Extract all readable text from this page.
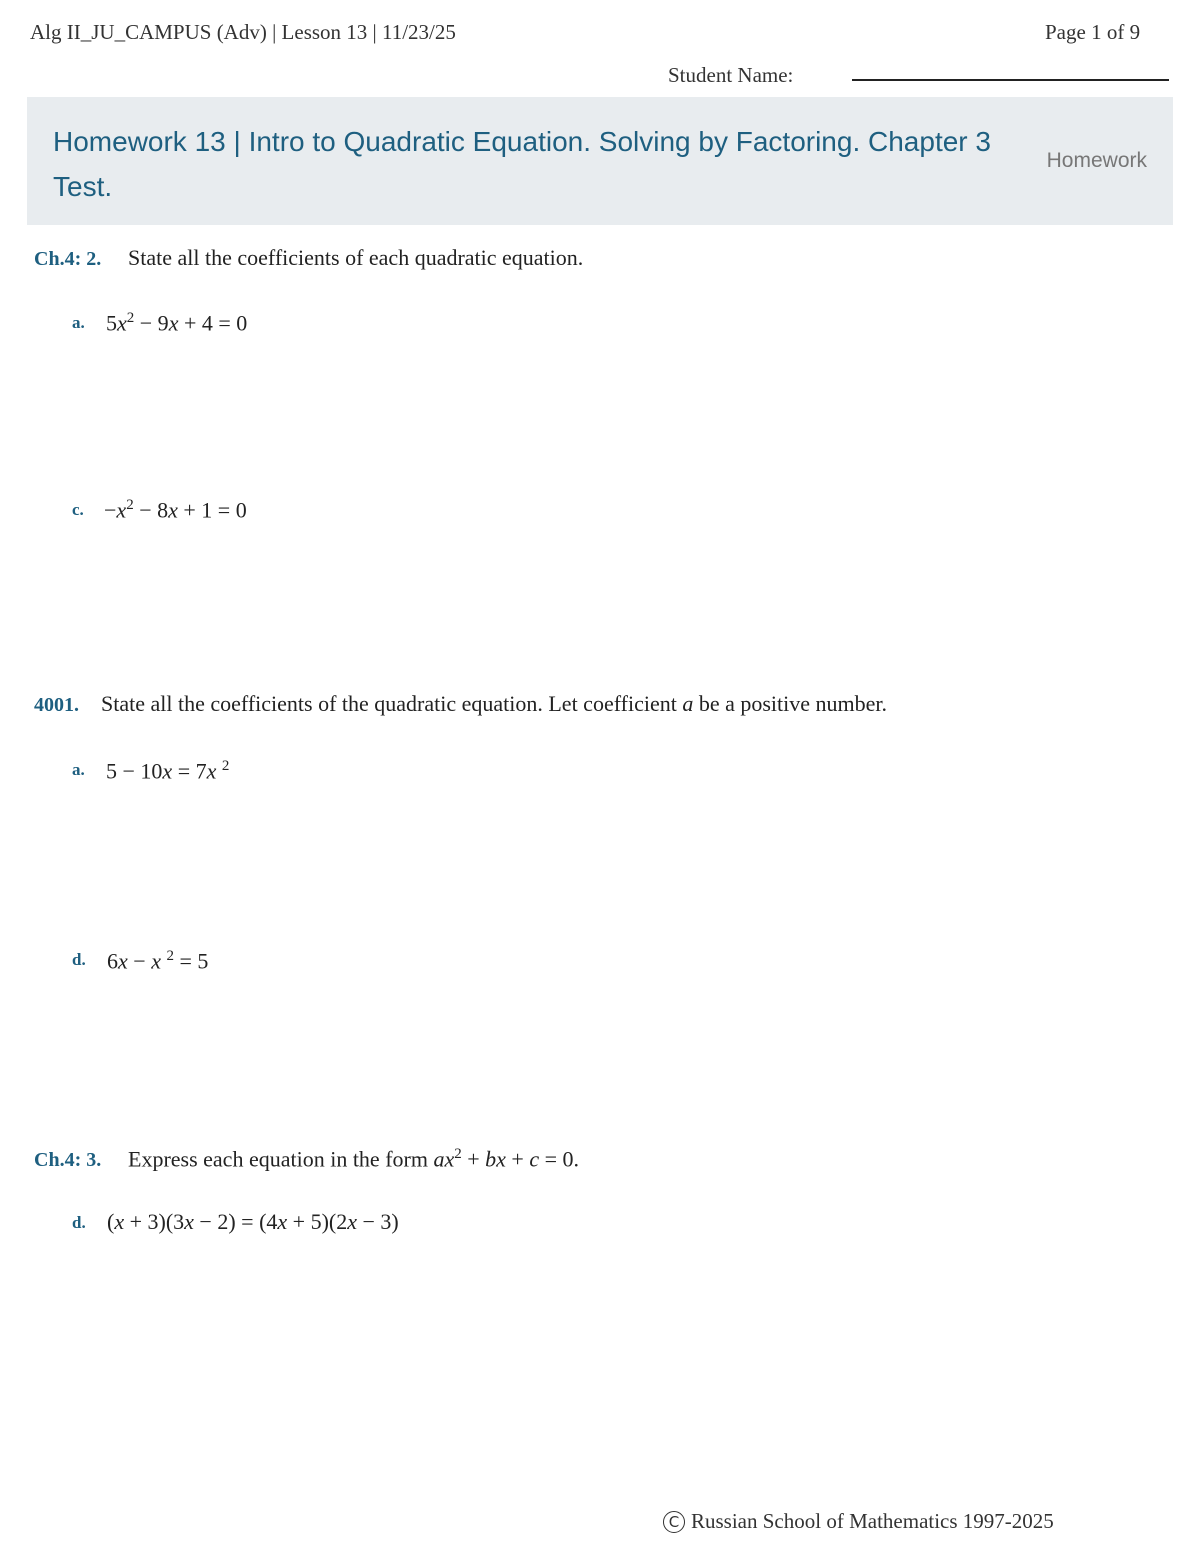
Alg II_JU_CAMPUS (Adv) | Lesson 13 | 11/23/25	Page 1 of 9
Student Name:
Homework 13 | Intro to Quadratic Equation. Solving by Factoring. Chapter 3 Test.
Homework
Ch.4: 2. State all the coefficients of each quadratic equation.
a. $5x^2 - 9x + 4 = 0$
c. $-x^2 - 8x + 1 = 0$
4001. State all the coefficients of the quadratic equation. Let coefficient a be a positive number.
a. 5 − 10x = 7x $^2$
d. 6x − x $^2$ = 5
Ch.4: 3. Express each equation in the form $ax^2$ + bx + c = 0.
d. (x + 3)(3x − 2) = (4x + 5)(2x − 3)
C Russian School of Mathematics 1997-2025
